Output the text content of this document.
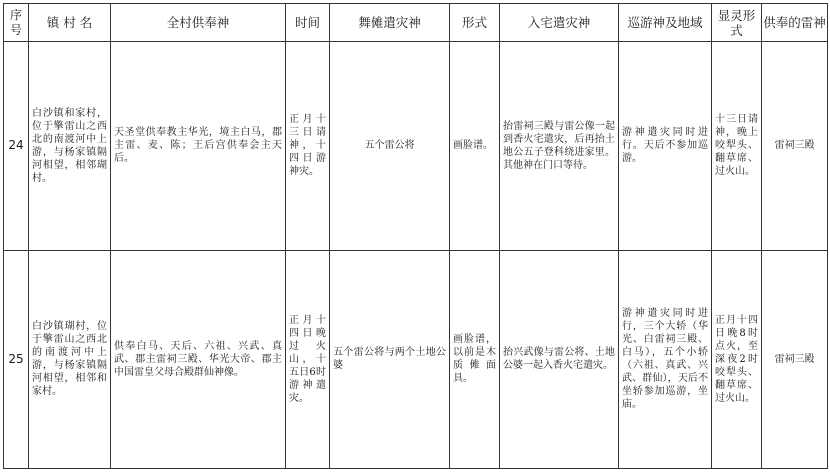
序号	镇 村 名	全村供奉神	时间	舞傩遣灾神	形式	入宅遣灾神	巡游神及地域	显灵形式	供奉的雷神
24	白沙镇和家村，位于擎雷山之西北的南渡河中上游，与杨家镇隔河相望，相邻瑚村。	天圣堂供奉教主华光，境主白马，郡主雷、麦、陈；王后宫供奉会主天后。	正月十三日请神，十四日游神灾。	五个雷公将	画脸谱。	抬雷祠三殿与雷公像一起到香火宅遣灾，后再抬土地公五子登科绕进家里。其他神在门口等待。	游神遣灾同时进行。天后不参加巡游。	十三日请神，晚上咬犁头、翻草席、过火山。	雷祠三殿
25	白沙镇瑚村，位于擎雷山之西北的南渡河中上游，与杨家镇隔河相望，相邻和家村。	供奉白马、天后、六祖、兴武、真武、郡主雷祠三殿、华光大帝、郡主中国雷皇父母合殿群仙神像。	正月十四日晚过火山，十五日6时游神遣灾。	五个雷公将与两个土地公婆	画脸谱，以前是木质傩面具。	抬兴武像与雷公将、土地公婆一起入香火宅遣灾。	游神遣灾同时进行，三个大轿（华光、白雷祠三殿、白马），五个小轿（六祖、真武、兴武、群仙），天后不坐轿参加巡游，坐庙。	正月十四日晚8时点火，至深夜2时咬犁头、翻草席、过火山。	雷祠三殿
